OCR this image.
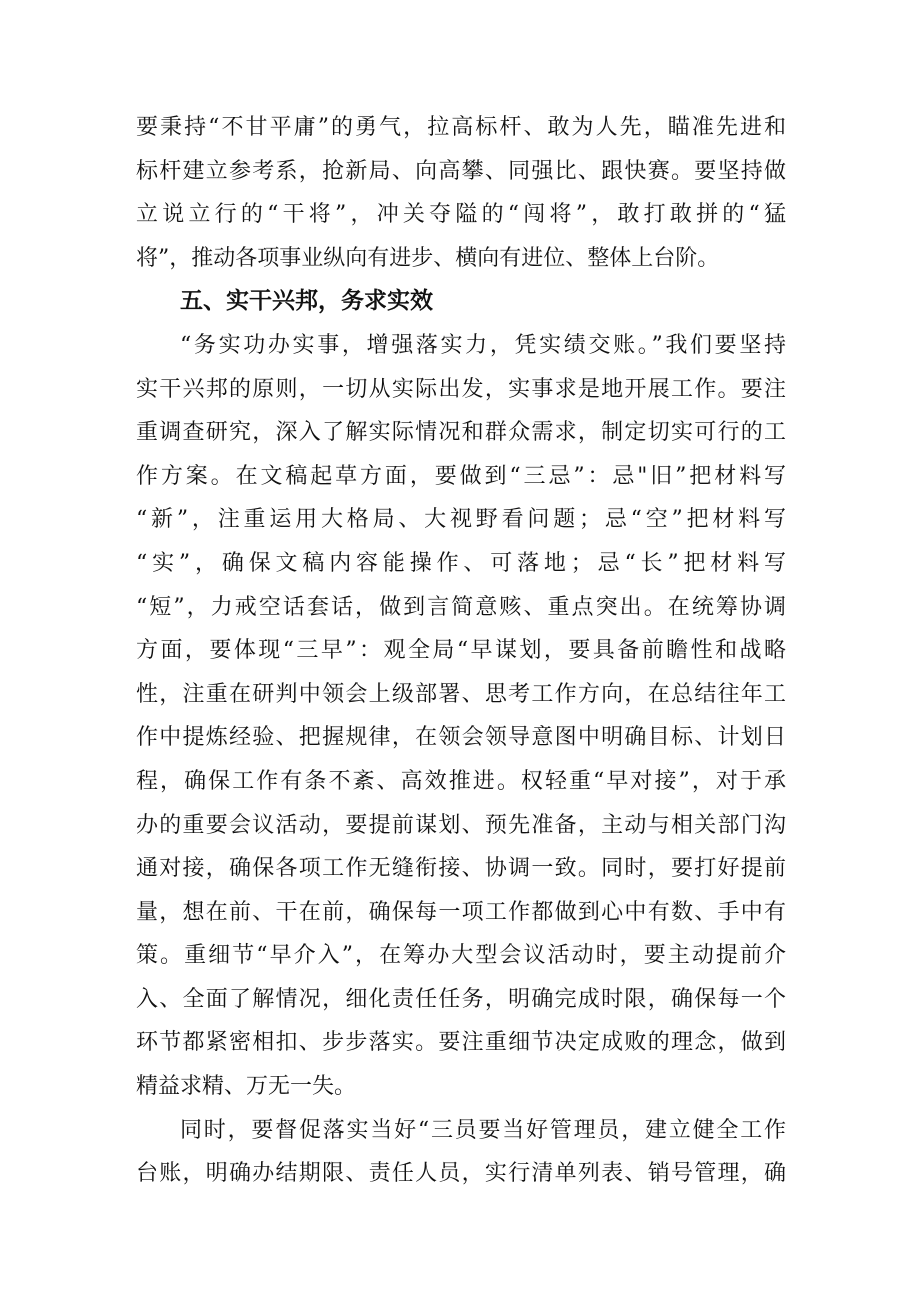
要秉持“不甘平庸”的勇气，拉高标杆、敢为人先，瞄准先进和
标杆建立参考系，抢新局、向高攀、同强比、跟快赛。要坚持做
立说立行的“干将”，冲关夺隘的“闯将”，敢打敢拼的“猛
将”，推动各项事业纵向有进步、横向有进位、整体上台阶。
五、实干兴邦，务求实效
“务实功办实事，增强落实力，凭实绩交账。”我们要坚持
实干兴邦的原则，一切从实际出发，实事求是地开展工作。要注
重调查研究，深入了解实际情况和群众需求，制定切实可行的工
作方案。在文稿起草方面，要做到“三忌”：忌"旧”把材料写
“新”，注重运用大格局、大视野看问题；忌“空”把材料写
“实”，确保文稿内容能操作、可落地；忌“长”把材料写
“短”，力戒空话套话，做到言简意赅、重点突出。在统筹协调
方面，要体现“三早”：观全局“早谋划，要具备前瞻性和战略
性，注重在研判中领会上级部署、思考工作方向，在总结往年工
作中提炼经验、把握规律，在领会领导意图中明确目标、计划日
程，确保工作有条不紊、高效推进。权轻重“早对接”，对于承
办的重要会议活动，要提前谋划、预先准备，主动与相关部门沟
通对接，确保各项工作无缝衔接、协调一致。同时，要打好提前
量，想在前、干在前，确保每一项工作都做到心中有数、手中有
策。重细节“早介入”，在筹办大型会议活动时，要主动提前介
入、全面了解情况，细化责任任务，明确完成时限，确保每一个
环节都紧密相扣、步步落实。要注重细节决定成败的理念，做到
精益求精、万无一失。
同时，要督促落实当好“三员要当好管理员，建立健全工作
台账，明确办结期限、责任人员，实行清单列表、销号管理，确
